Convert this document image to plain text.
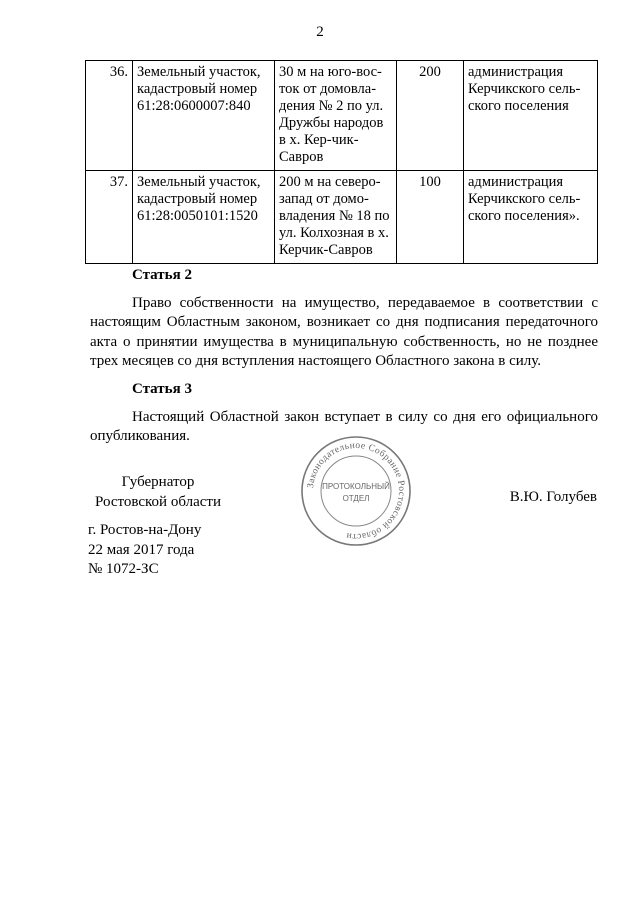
2
36.	Земельный участок, кадастровый номер 61:28:0600007:840	30 м на юго-вос-ток от домовла-дения № 2 по ул. Дружбы народов в х. Кер-чик-Савров	200	администрация Керчикского сель-ского поселения
37.	Земельный участок, кадастровый номер 61:28:0050101:1520	200 м на северо-запад от домо-владения № 18 по ул. Колхозная в х. Керчик-Савров	100	администрация Керчикского сель-ского поселения».
Статья 2
Право собственности на имущество, передаваемое в соответствии с настоящим Областным законом, возникает со дня подписания передаточного акта о принятии имущества в муниципальную собственность, но не позднее трех месяцев со дня вступления настоящего Областного закона в силу.
Статья 3
Настоящий Областной закон вступает в силу со дня его официального опубликования.
Губернатор
Ростовской области
Законодательное Собрание Ростовской области
ПРОТОКОЛЬНЫЙ
ОТДЕЛ	В.Ю. Голубев
г. Ростов-на-Дону
22 мая 2017 года
№ 1072-ЗС
